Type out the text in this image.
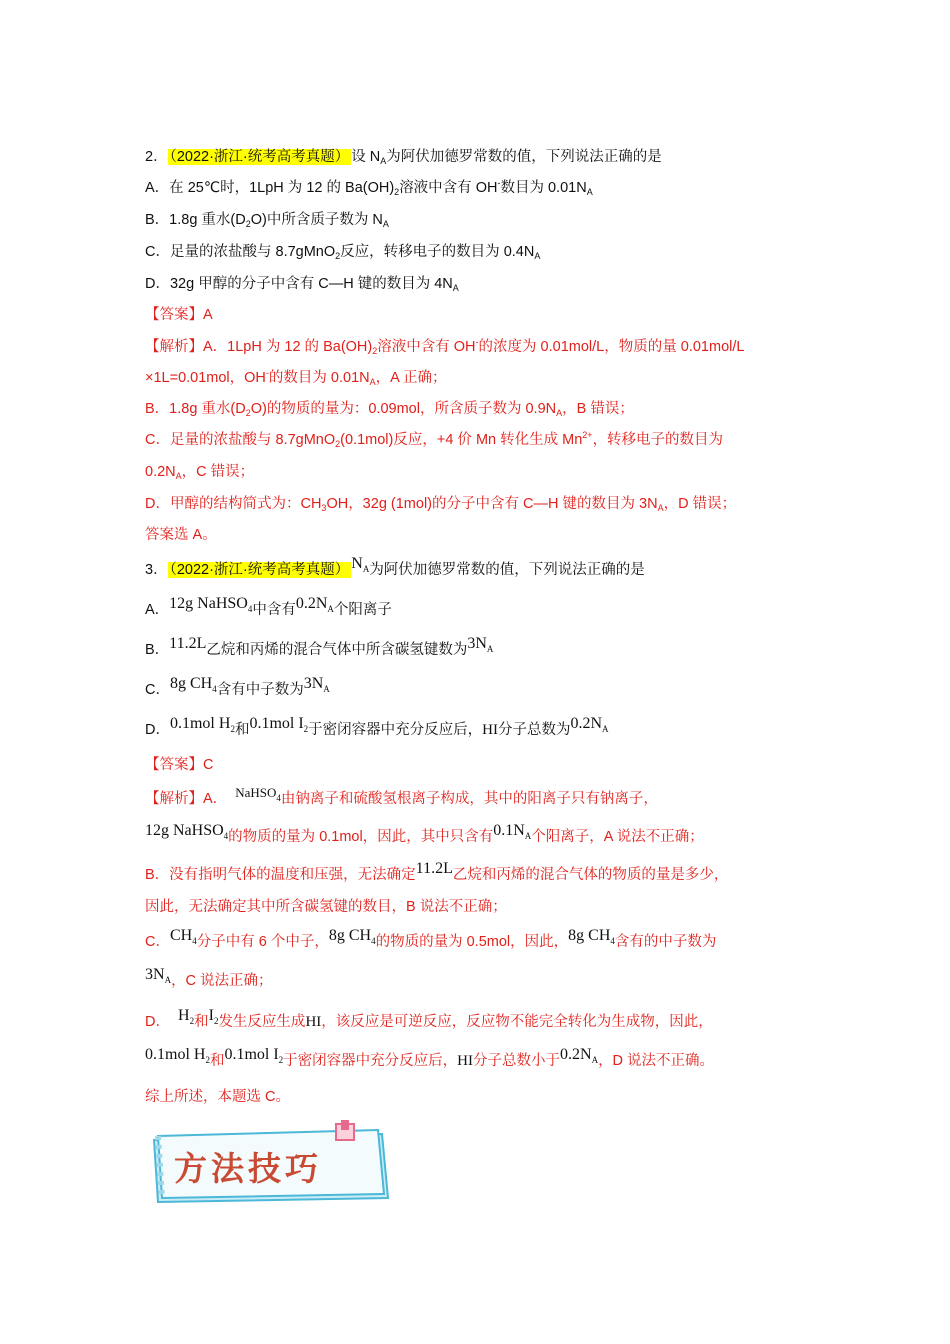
2． （2022·浙江·统考高考真题） 设 $N_A$为阿伏加德罗常数的值，下列说法正确的是
A．在 25℃时，1LpH 为 12 的 $Ba(OH)_2$溶液中含有 OH-数目为 $0.01N_A$
B．1.8g 重水$(D_2O)$中所含质子数为 $N_A$
C．足量的浓盐酸与 8.7gMnO$_2$反应，转移电子的数目为 $0.4N_A$
D．32g 甲醇的分子中含有 C—H 键的数目为 $4N_A$
【答案】A
【解析】A．1LpH 为 12 的 $Ba(OH)_2$溶液中含有 OH-的浓度为 0.01mol/L，物质的量 0.01mol/L
×1L=0.01mol，OH-的数目为 $0.01N_A$，A 正确；
B．1.8g 重水$(D_2O)$的物质的量为：0.09mol，所含质子数为 $0.9N_A$，B 错误；
C．足量的浓盐酸与 8.7gMnO$_2$(0.1mol)反应，+4 价 Mn 转化生成 $Mn^{2+}$，转移电子的数目为
$0.2N_A$，C 错误；
D．甲醇的结构简式为：$CH_3OH$，32g (1mol)的分子中含有 C—H 键的数目为 $3N_A$，D 错误；
答案选 A。
3． （2022·浙江·统考高考真题） $N_A$为阿伏加德罗常数的值，下列说法正确的是
A．12g NaHSO$_4$中含有$0.2N_A$个阳离子
B．11.2L乙烷和丙烯的混合气体中所含碳氢键数为$3N_A$
C．8g $CH_4$含有中子数为$3N_A$
D．0.1mol $H_2$和0.1mol $I_2$于密闭容器中充分反应后，HI分子总数为$0.2N_A$
【答案】C
【解析】A． NaHSO$_4$由钠离子和硫酸氢根离子构成，其中的阳离子只有钠离子，
12g NaHSO$_4$的物质的量为 0.1mol，因此，其中只含有$0.1N_A$个阳离子，A 说法不正确；
B．没有指明气体的温度和压强，无法确定11.2L乙烷和丙烯的混合气体的物质的量是多少，
因此，无法确定其中所含碳氢键的数目，B 说法不正确；
C．$CH_4$分子中有 6 个中子，8g $CH_4$的物质的量为 0.5mol，因此，8g $CH_4$含有的中子数为
$3N_A$，C 说法正确；
D． $H_2$和$I_2$发生反应生成HI，该反应是可逆反应，反应物不能完全转化为生成物，因此，
0.1mol $H_2$和0.1mol $I_2$于密闭容器中充分反应后，HI分子总数小于$0.2N_A$，D 说法不正确。
综上所述，本题选 C。
方法技巧
